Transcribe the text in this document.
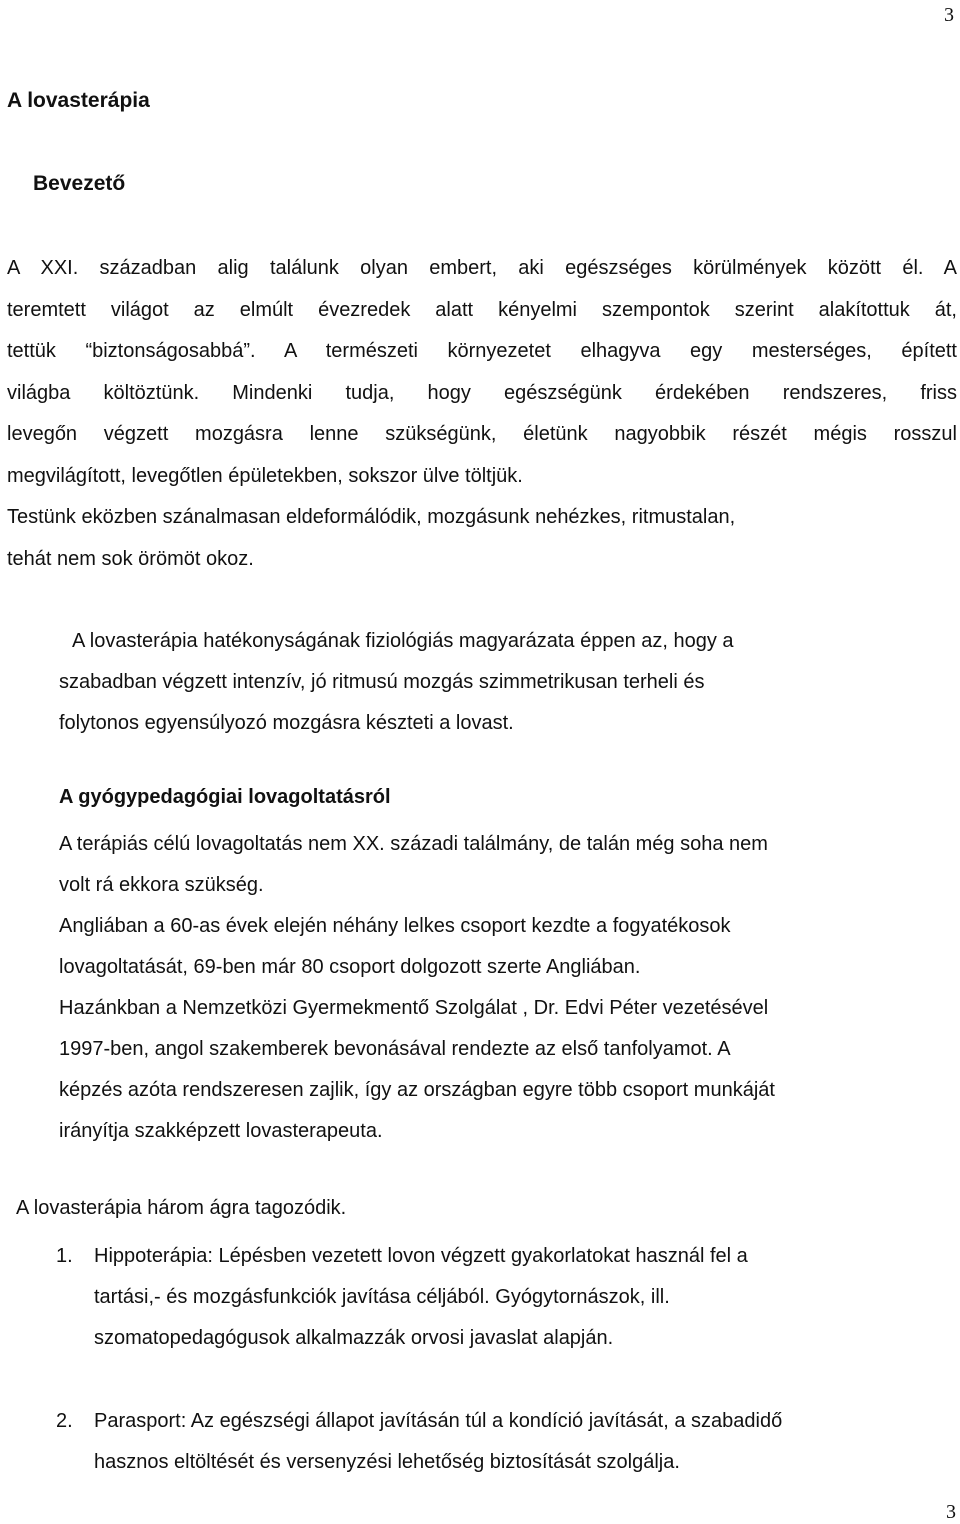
3
A lovasterápia
Bevezető
A XXI. században alig találunk olyan embert, aki egészséges körülmények között él. A
teremtett világot az elmúlt évezredek alatt kényelmi szempontok szerint alakítottuk át,
tettük “biztonságosabbá”. A természeti környezetet elhagyva egy mesterséges, épített
világba költöztünk. Mindenki tudja, hogy egészségünk érdekében rendszeres, friss
levegőn végzett mozgásra lenne szükségünk, életünk nagyobbik részét mégis rosszul
megvilágított, levegőtlen épületekben, sokszor ülve töltjük.
Testünk eközben szánalmasan eldeformálódik, mozgásunk nehézkes, ritmustalan,
tehát nem sok örömöt okoz.
A lovasterápia hatékonyságának fiziológiás magyarázata éppen az, hogy a
szabadban végzett intenzív, jó ritmusú mozgás szimmetrikusan terheli és
folytonos egyensúlyozó mozgásra készteti a lovast.
A gyógypedagógiai lovagoltatásról
A terápiás célú lovagoltatás nem XX. századi találmány, de talán még soha nem
volt rá ekkora szükség.
Angliában a 60-as évek elején néhány lelkes csoport kezdte a fogyatékosok
lovagoltatását, 69-ben már 80 csoport dolgozott szerte Angliában.
Hazánkban a Nemzetközi Gyermekmentő Szolgálat , Dr. Edvi Péter vezetésével
1997-ben, angol szakemberek bevonásával rendezte az első tanfolyamot. A
képzés azóta rendszeresen zajlik, így az országban egyre több csoport munkáját
irányítja szakképzett lovasterapeuta.
A lovasterápia három ágra tagozódik.
1. Hippoterápia: Lépésben vezetett lovon végzett gyakorlatokat használ fel a
tartási,- és mozgásfunkciók javítása céljából. Gyógytornászok, ill.
szomatopedagógusok alkalmazzák orvosi javaslat alapján.
2. Parasport: Az egészségi állapot javításán túl a kondíció javítását, a szabadidő
hasznos eltöltését és versenyzési lehetőség biztosítását szolgálja.
3
